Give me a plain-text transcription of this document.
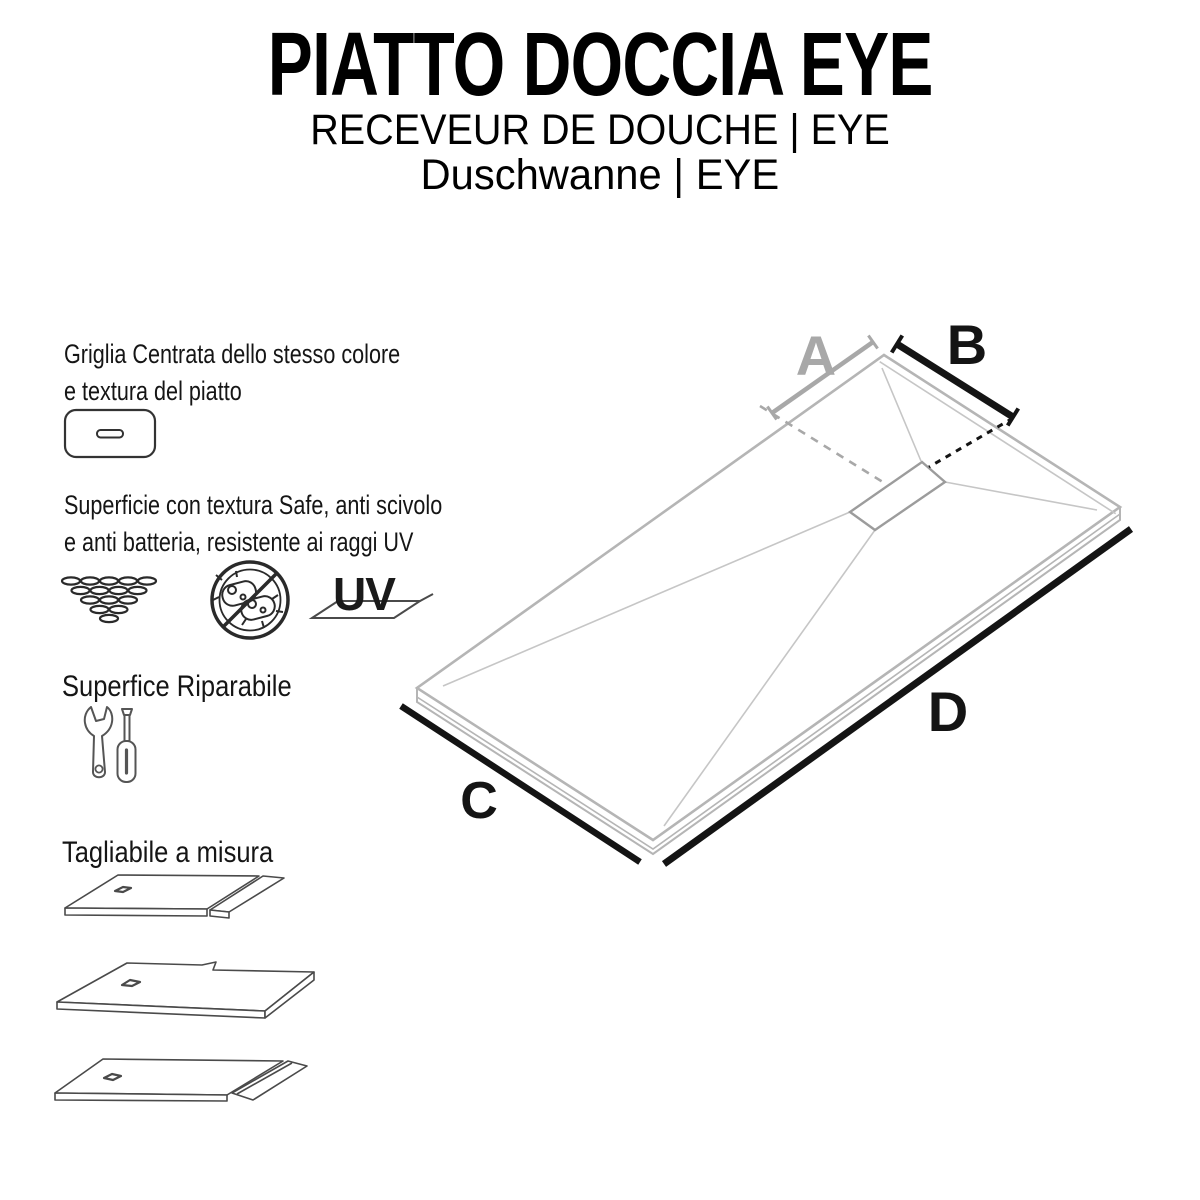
PIATTO DOCCIA EYE
RECEVEUR DE DOUCHE | EYE
Duschwanne | EYE
Griglia Centrata dello stesso colore
e textura del piatto
Superficie con textura Safe, anti scivolo
e anti batteria, resistente ai raggi UV
Superfice Riparabile
Tagliabile a misura
A B
C
D
UV
